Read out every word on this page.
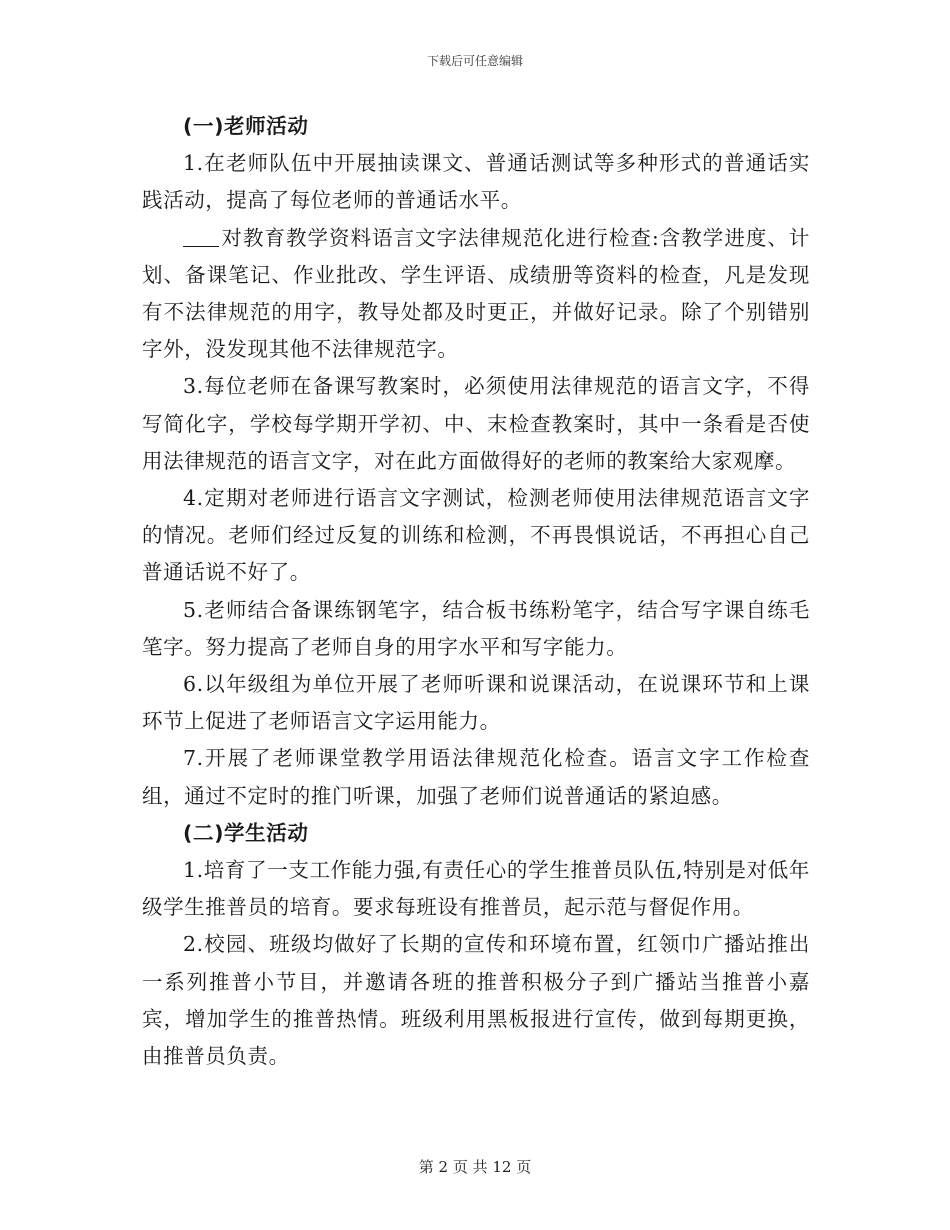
下载后可任意编辑
(一)老师活动

1.在老师队伍中开展抽读课文、普通话测试等多种形式的普通话实践活动，提高了每位老师的普通话水平。

对教育教学资料语言文字法律规范化进行检查:含教学进度、计划、备课笔记、作业批改、学生评语、成绩册等资料的检查，凡是发现有不法律规范的用字，教导处都及时更正，并做好记录。除了个别错别字外，没发现其他不法律规范字。

3.每位老师在备课写教案时，必须使用法律规范的语言文字，不得写简化字，学校每学期开学初、中、末检查教案时，其中一条看是否使用法律规范的语言文字，对在此方面做得好的老师的教案给大家观摩。

4.定期对老师进行语言文字测试，检测老师使用法律规范语言文字的情况。老师们经过反复的训练和检测，不再畏惧说话，不再担心自己普通话说不好了。

5.老师结合备课练钢笔字，结合板书练粉笔字，结合写字课自练毛笔字。努力提高了老师自身的用字水平和写字能力。

6.以年级组为单位开展了老师听课和说课活动，在说课环节和上课环节上促进了老师语言文字运用能力。

7.开展了老师课堂教学用语法律规范化检查。语言文字工作检查组，通过不定时的推门听课，加强了老师们说普通话的紧迫感。

(二)学生活动

1.培育了一支工作能力强,有责任心的学生推普员队伍,特别是对低年级学生推普员的培育。要求每班设有推普员，起示范与督促作用。

2.校园、班级均做好了长期的宣传和环境布置，红领巾广播站推出一系列推普小节目，并邀请各班的推普积极分子到广播站当推普小嘉宾，增加学生的推普热情。班级利用黑板报进行宣传，做到每期更换，由推普员负责。

第 2 页 共 12 页
